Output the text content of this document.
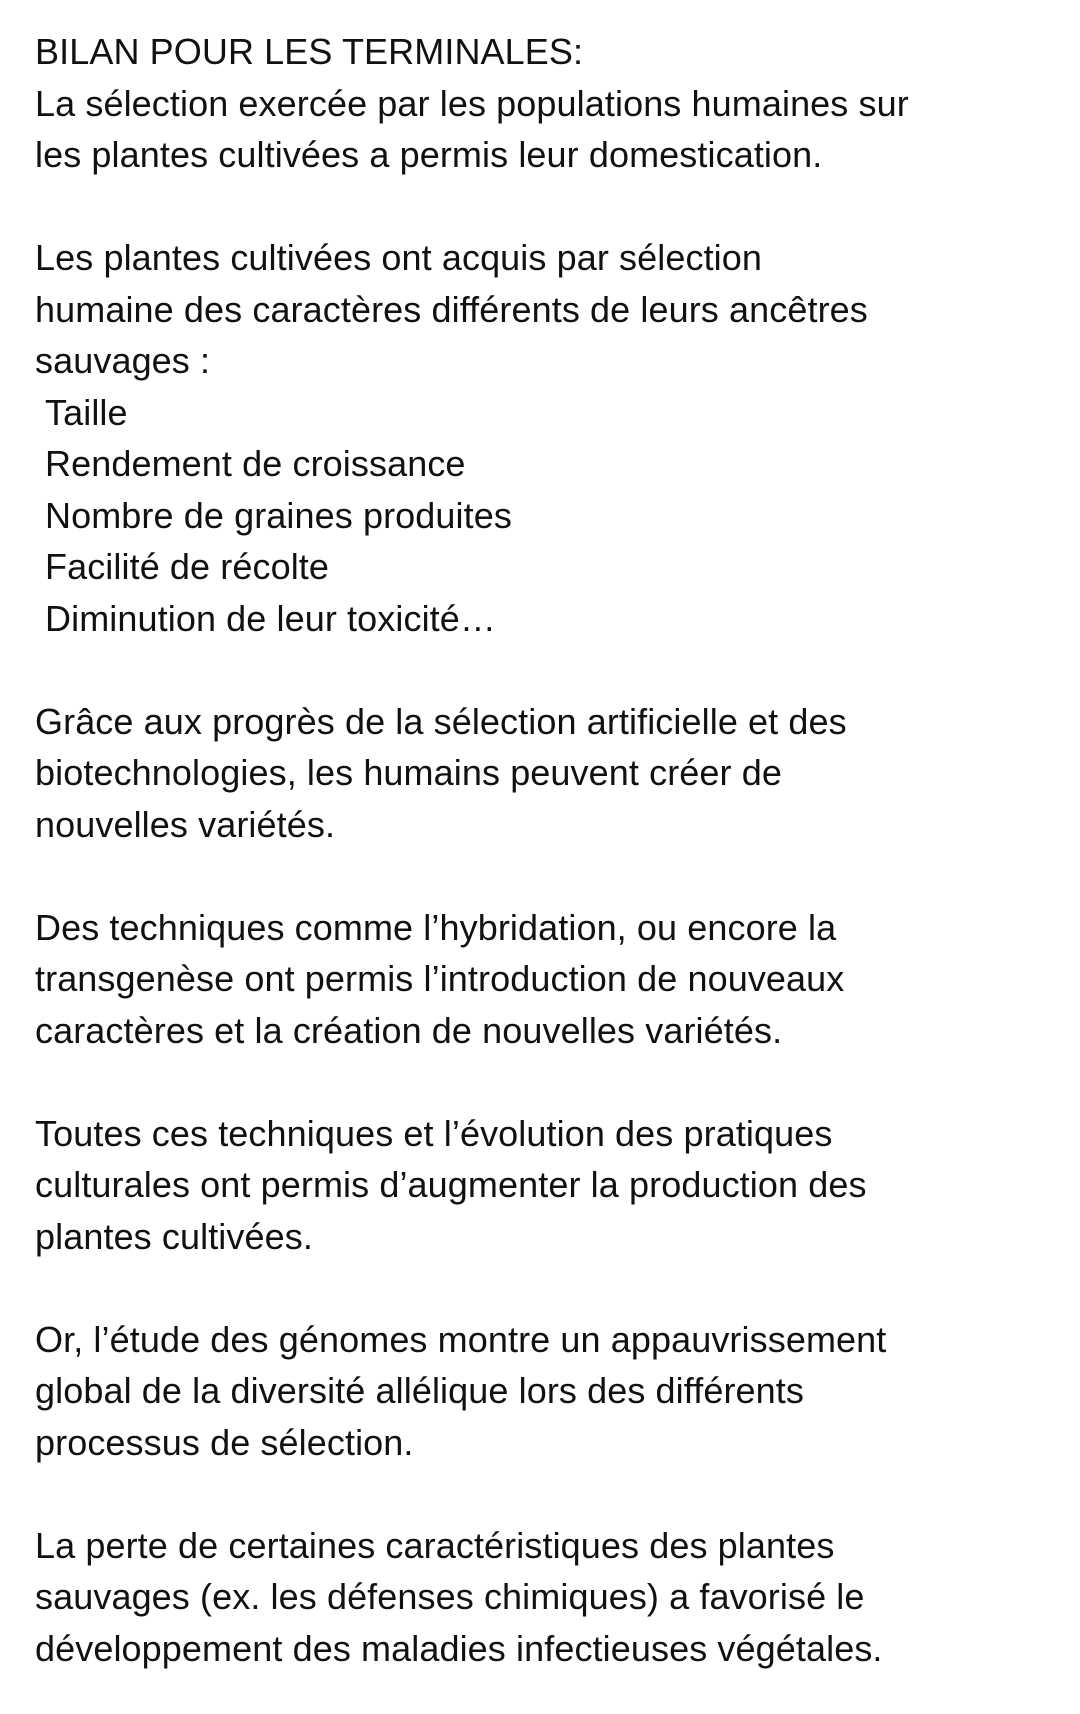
BILAN POUR LES TERMINALES:
La sélection exercée par les populations humaines sur
les plantes cultivées a permis leur domestication.
Les plantes cultivées ont acquis par sélection
humaine des caractères différents de leurs ancêtres
sauvages :
Taille
Rendement de croissance
Nombre de graines produites
Facilité de récolte
Diminution de leur toxicité…
Grâce aux progrès de la sélection artificielle et des
biotechnologies, les humains peuvent créer de
nouvelles variétés.
Des techniques comme l’hybridation, ou encore la
transgenèse ont permis l’introduction de nouveaux
caractères et la création de nouvelles variétés.
Toutes ces techniques et l’évolution des pratiques
culturales ont permis d’augmenter la production des
plantes cultivées.
Or, l’étude des génomes montre un appauvrissement
global de la diversité allélique lors des différents
processus de sélection.
La perte de certaines caractéristiques des plantes
sauvages (ex. les défenses chimiques) a favorisé le
développement des maladies infectieuses végétales.
